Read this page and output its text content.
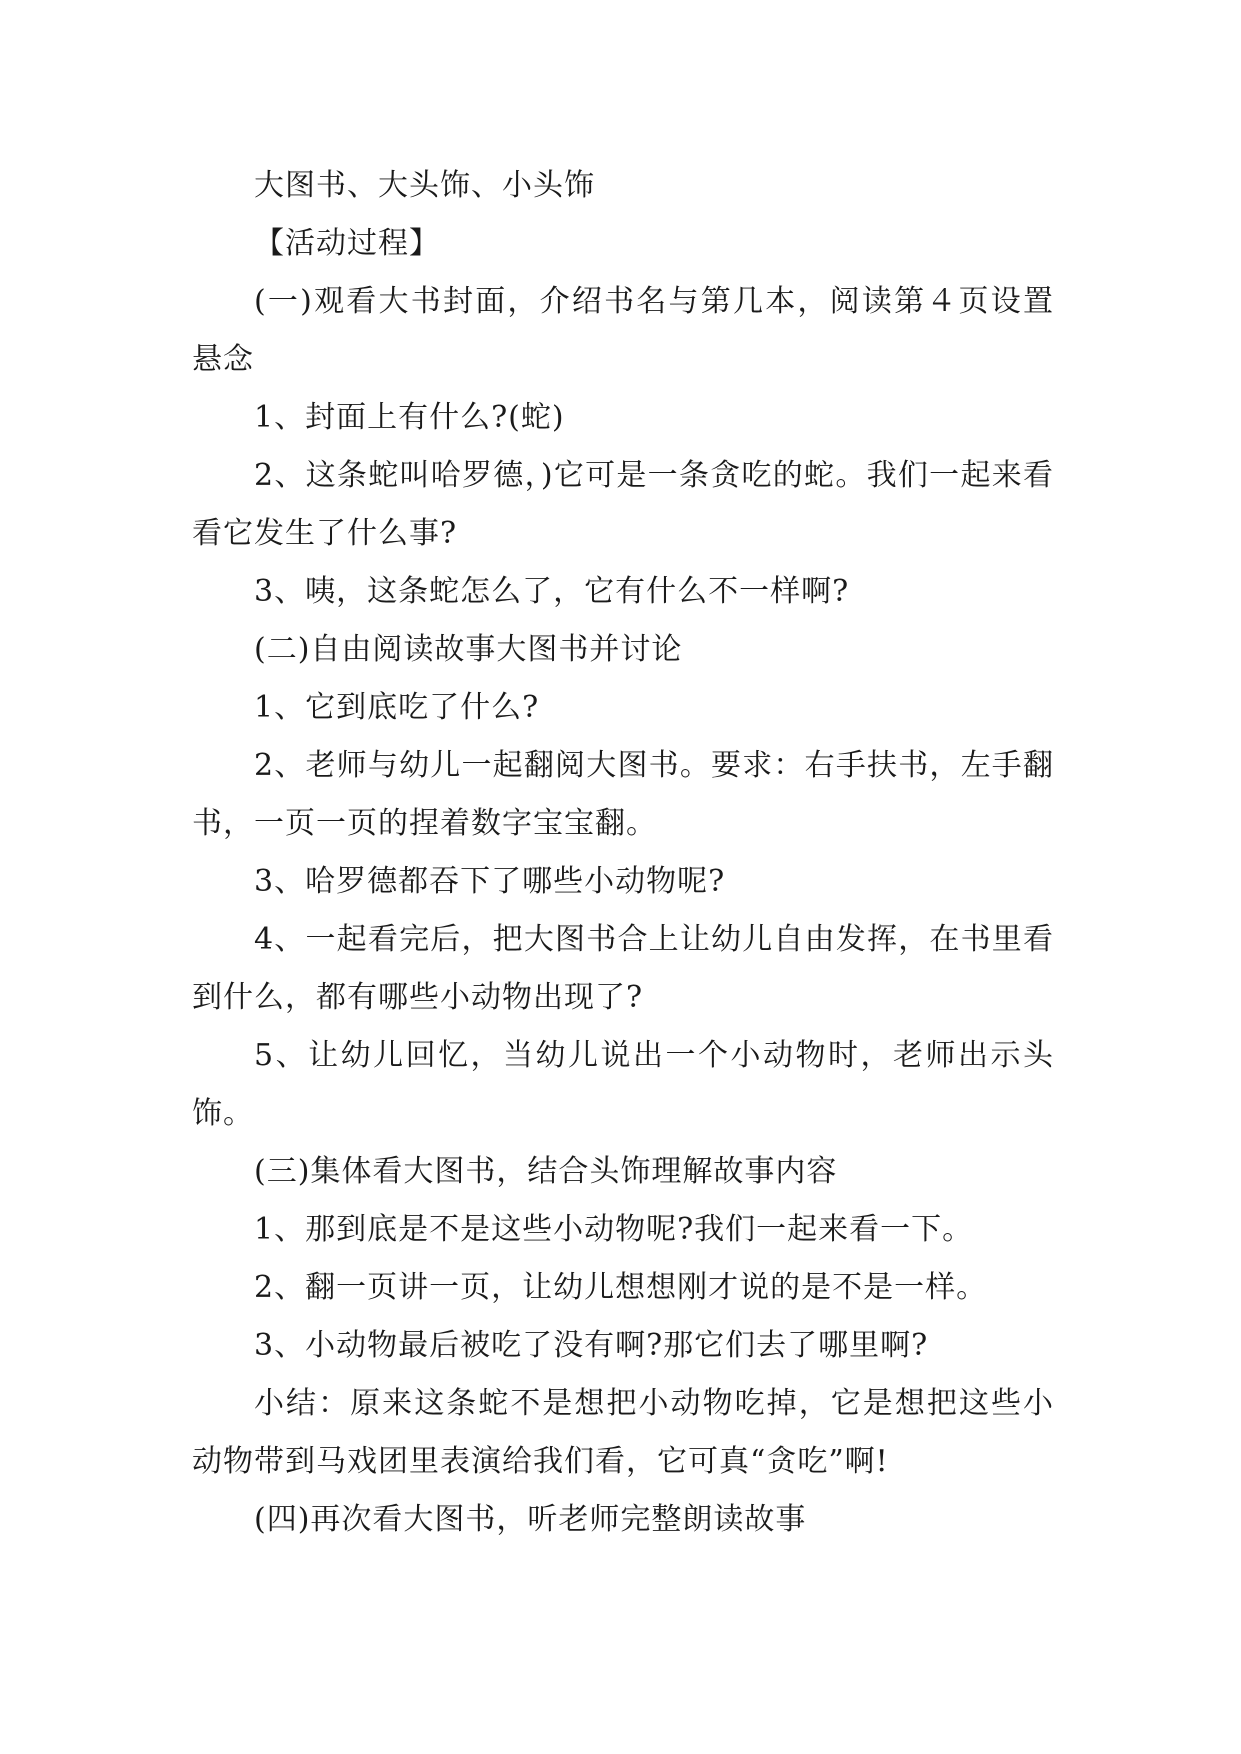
大图书、大头饰、小头饰

【活动过程】

(一)观看大书封面，介绍书名与第几本，阅读第４页设置悬念

1、封面上有什么?(蛇)

2、这条蛇叫哈罗德，)它可是一条贪吃的蛇。我们一起来看看它发生了什么事?

3、咦，这条蛇怎么了，它有什么不一样啊?

(二)自由阅读故事大图书并讨论

1、它到底吃了什么?

2、老师与幼儿一起翻阅大图书。要求：右手扶书，左手翻书，一页一页的捏着数字宝宝翻。

3、哈罗德都吞下了哪些小动物呢?

4、一起看完后，把大图书合上让幼儿自由发挥，在书里看到什么，都有哪些小动物出现了?

5、让幼儿回忆，当幼儿说出一个小动物时，老师出示头饰。

(三)集体看大图书，结合头饰理解故事内容

1、那到底是不是这些小动物呢?我们一起来看一下。

2、翻一页讲一页，让幼儿想想刚才说的是不是一样。

3、小动物最后被吃了没有啊?那它们去了哪里啊?

小结：原来这条蛇不是想把小动物吃掉，它是想把这些小动物带到马戏团里表演给我们看，它可真“贪吃”啊!

(四)再次看大图书，听老师完整朗读故事
